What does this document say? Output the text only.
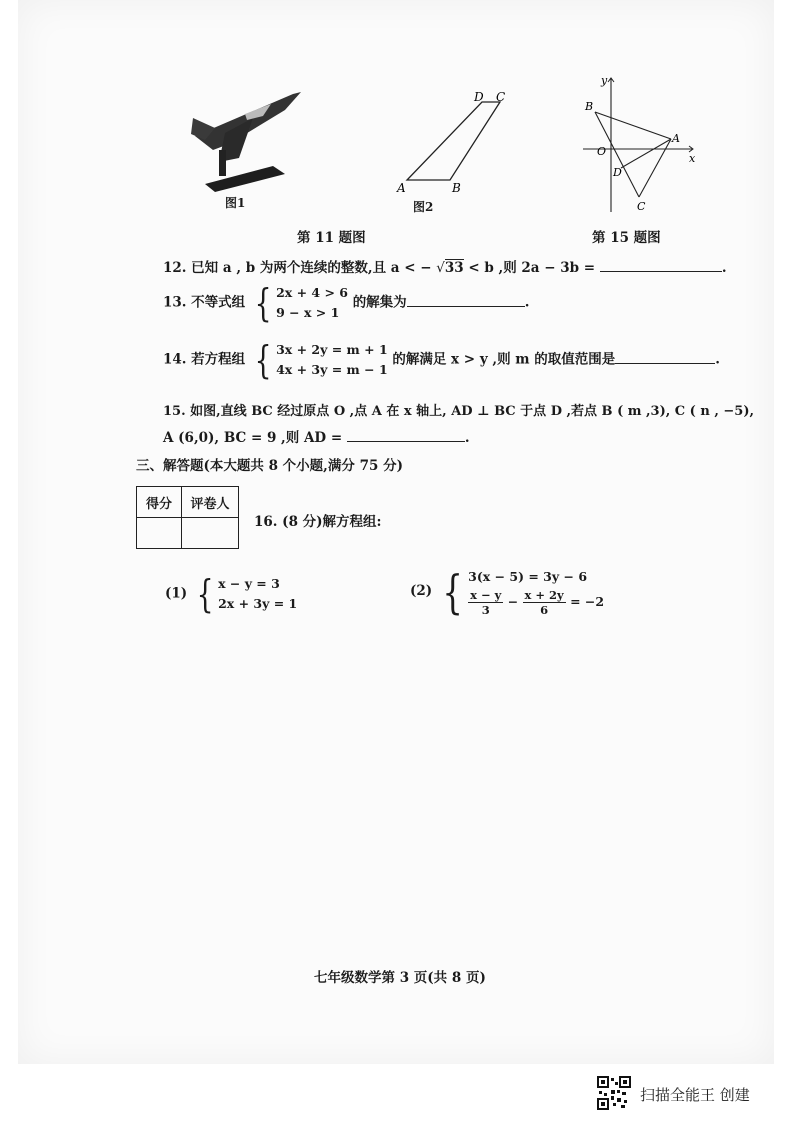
图1
A	B
C
D
图2
y
x
B
A
O
D
C
第 11 题图	第 15 题图
12. 已知 a , b 为两个连续的整数,且 a < − √33 < b ,则 2a − 3b =	.
13. 不等式组 { 2x + 4 > 6
9 − x > 1
的解集为	.
14. 若方程组 { 3x + 2y = m + 1
4x + 3y = m − 1
的解满足 x > y ,则 m 的取值范围是	.
15. 如图,直线 BC 经过原点 O ,点 A 在 x 轴上, AD ⊥ BC 于点 D ,若点 B ( m ,3), C ( n , −5),
A (6,0), BC = 9 ,则 AD =	.
三、解答题(本大题共 8 个小题,满分 75 分)
得分	评卷人

16. (8 分)解方程组:
(1) { x − y = 3
2x + 3y = 1
(2) { 3(x − 5) = 3y − 6
$\frac{x - y}{3} - \frac{x + 2y}{6} = -2$
七年级数学第 3 页(共 8 页)
扫描全能王 创建
